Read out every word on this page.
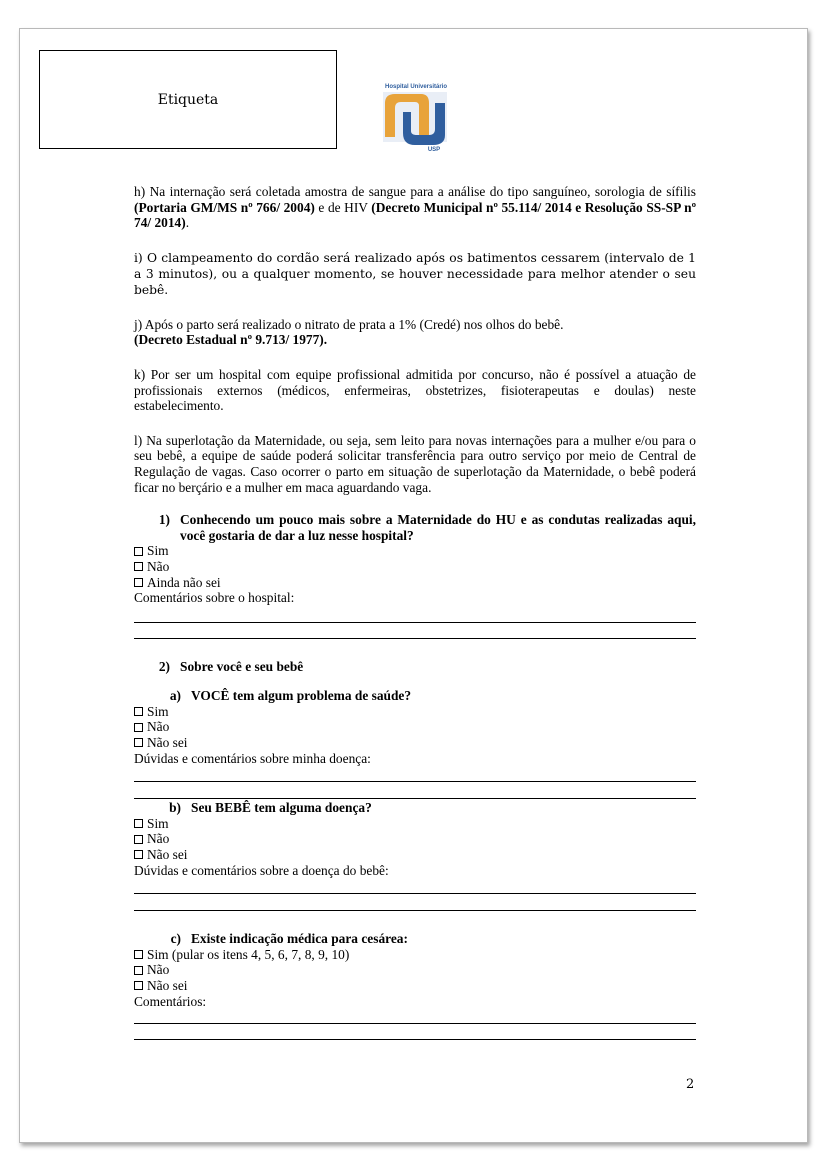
Etiqueta
Hospital Universitário
USP

h) Na internação será coletada amostra de sangue para a análise do tipo sanguíneo, sorologia de sífilis (Portaria GM/MS nº 766/ 2004) e de HIV (Decreto Municipal nº 55.114/ 2014 e Resolução SS-SP nº 74/ 2014).

i) O clampeamento do cordão será realizado após os batimentos cessarem (intervalo de 1 a 3 minutos), ou a qualquer momento, se houver necessidade para melhor atender o seu bebê.

j) Após o parto será realizado o nitrato de prata a 1% (Credé) nos olhos do bebê.
(Decreto Estadual nº 9.713/ 1977).

k) Por ser um hospital com equipe profissional admitida por concurso, não é possível a atuação de profissionais externos (médicos, enfermeiras, obstetrizes, fisioterapeutas e doulas) neste estabelecimento.

l) Na superlotação da Maternidade, ou seja, sem leito para novas internações para a mulher e/ou para o seu bebê, a equipe de saúde poderá solicitar transferência para outro serviço por meio de Central de Regulação de vagas. Caso ocorrer o parto em situação de superlotação da Maternidade, o bebê poderá ficar no berçário e a mulher em maca aguardando vaga.

1) Conhecendo um pouco mais sobre a Maternidade do HU e as condutas realizadas aqui, você gostaria de dar a luz nesse hospital?
Sim
Não
Ainda não sei
Comentários sobre o hospital:
2) Sobre você e seu bebê
a) VOCÊ tem algum problema de saúde?
Sim
Não
Não sei
Dúvidas e comentários sobre minha doença:
b) Seu BEBÊ tem alguma doença?
Sim
Não
Não sei
Dúvidas e comentários sobre a doença do bebê:
c) Existe indicação médica para cesárea:
Sim (pular os itens 4, 5, 6, 7, 8, 9, 10)
Não
Não sei
Comentários:
2
